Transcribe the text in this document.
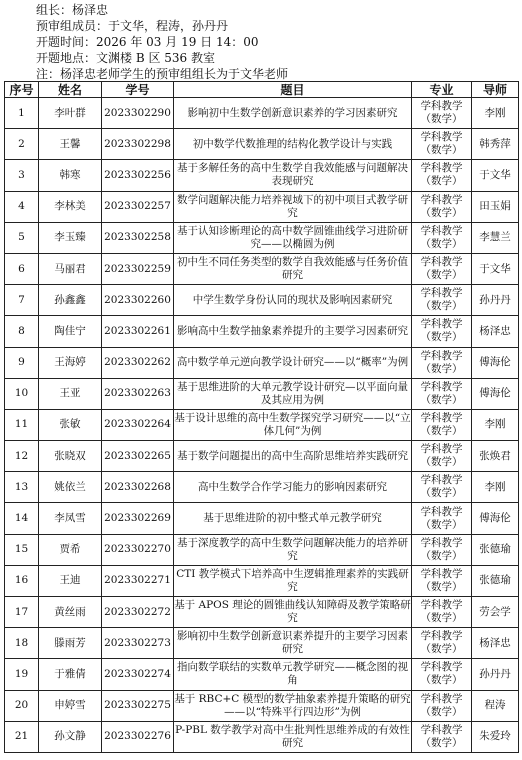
组长：杨泽忠
预审组成员：于文华，程涛，孙丹丹
开题时间：2026 年 03 月 19 日 14：00
开题地点：文渊楼 B 区 536 教室
注：杨泽忠老师学生的预审组组长为于文华老师
序号	姓名	学号	题目	专业	导师
1	李叶群	2023302290	影响初中生数学创新意识素养的学习因素研究	学科教学（数学）	李刚
2	王馨	2023302298	初中数学代数推理的结构化教学设计与实践	学科教学（数学）	韩秀萍
3	韩寒	2023302256	基于多解任务的高中生数学自我效能感与问题解决表现研究	学科教学（数学）	于文华
4	李林美	2023302257	数学问题解决能力培养视域下的初中项目式教学研究	学科教学（数学）	田玉娟
5	李玉臻	2023302258	基于认知诊断理论的高中数学圆锥曲线学习进阶研究——以椭圆为例	学科教学（数学）	李慧兰
6	马丽君	2023302259	初中生不同任务类型的数学自我效能感与任务价值研究	学科教学（数学）	于文华
7	孙鑫鑫	2023302260	中学生数学身份认同的现状及影响因素研究	学科教学（数学）	孙丹丹
8	陶佳宁	2023302261	影响高中生数学抽象素养提升的主要学习因素研究	学科教学（数学）	杨泽忠
9	王海婷	2023302262	高中数学单元逆向教学设计研究——以“概率”为例	学科教学（数学）	傅海伦
10	王亚	2023302263	基于思维进阶的大单元教学设计研究—以平面向量及其应用为例	学科教学（数学）	傅海伦
11	张敏	2023302264	基于设计思维的高中生数学探究学习研究——以“立体几何”为例	学科教学（数学）	李刚
12	张晓双	2023302265	基于数学问题提出的高中生高阶思维培养实践研究	学科教学（数学）	张焕君
13	姚依兰	2023302268	高中生数学合作学习能力的影响因素研究	学科教学（数学）	李刚
14	李凤雪	2023302269	基于思维进阶的初中整式单元教学研究	学科教学（数学）	傅海伦
15	贾希	2023302270	基于深度教学的高中生数学问题解决能力的培养研究	学科教学（数学）	张德瑜
16	王迪	2023302271	CTI 教学模式下培养高中生逻辑推理素养的实践研究	学科教学（数学）	张德瑜
17	黄丝雨	2023302272	基于 APOS 理论的圆锥曲线认知障碍及教学策略研究	学科教学（数学）	劳会学
18	滕雨芳	2023302273	影响初中生数学创新意识素养提升的主要学习因素研究	学科教学（数学）	杨泽忠
19	于雅倩	2023302274	指向数学联结的实数单元教学研究——概念图的视角	学科教学（数学）	孙丹丹
20	申婷雪	2023302275	基于 RBC+C 模型的数学抽象素养提升策略的研究——以“特殊平行四边形”为例	学科教学（数学）	程涛
21	孙文静	2023302276	P-PBL 数学教学对高中生批判性思维养成的有效性研究	学科教学（数学）	朱爱玲
